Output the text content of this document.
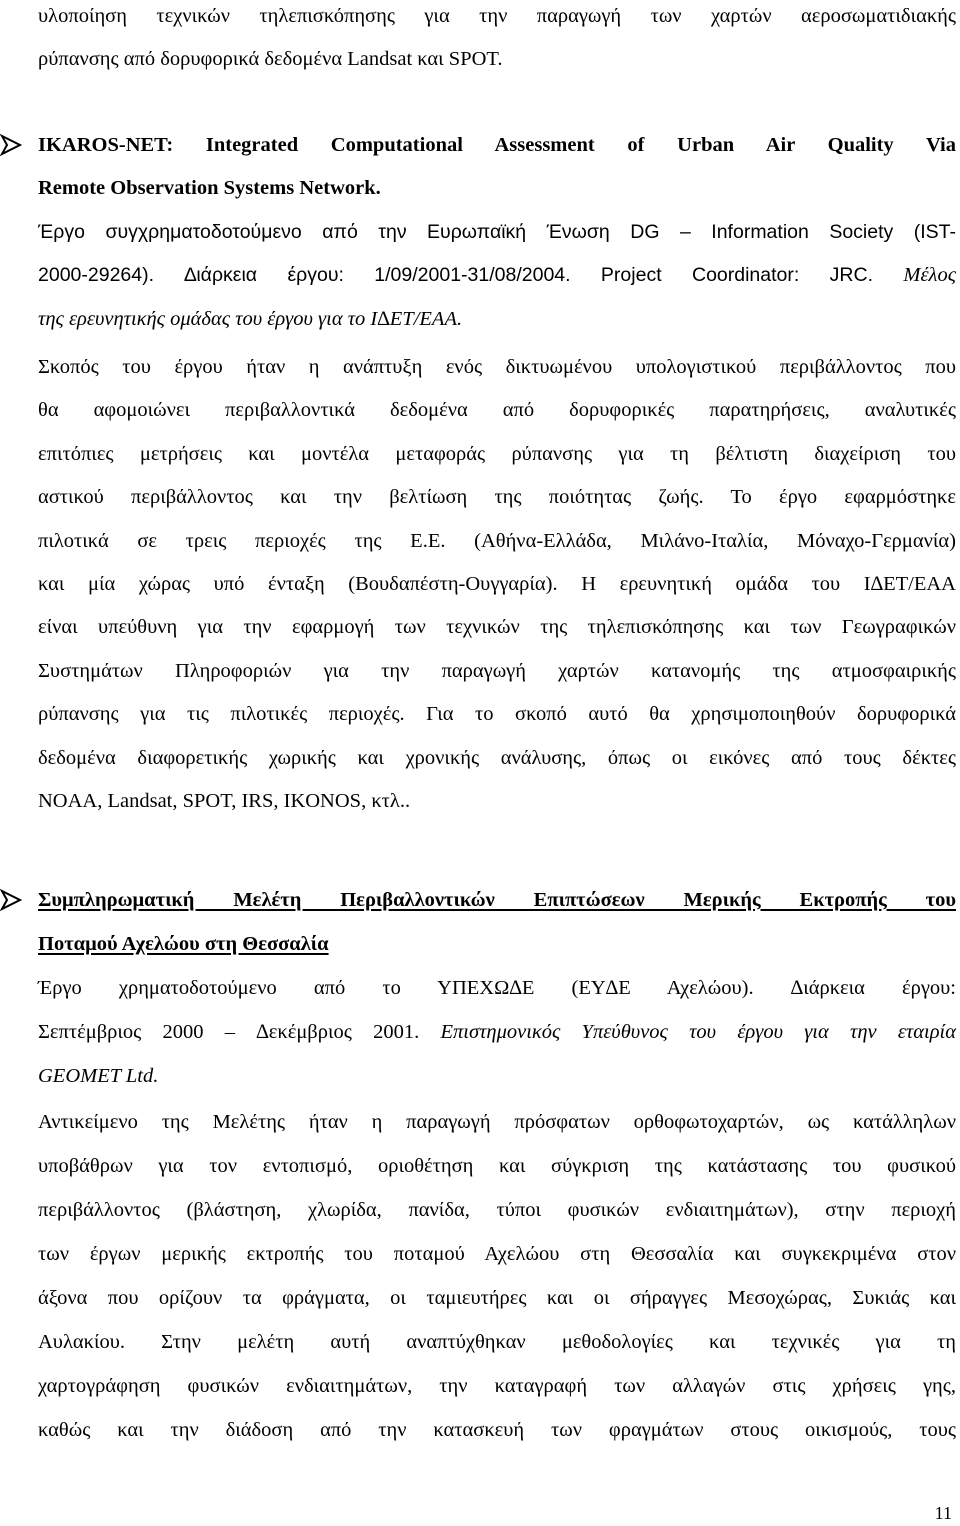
υλοποίηση τεχνικών τηλεπισκόπησης για την παραγωγή των χαρτών αεροσωματιδιακής
ρύπανσης από δορυφορικά δεδομένα Landsat και SPOT.
IKAROS-NET: Integrated Computational Assessment of Urban Air Quality Via
Remote Observation Systems Network.
Έργο συγχρηματοδοτούμενο από την Ευρωπαϊκή Ένωση DG – Information Society (IST-
2000-29264). ∆ιάρκεια έργου: 1/09/2001-31/08/2004. Project Coordinator: JRC. Μέλος
της ερευνητικής ομάδας του έργου για το Ι∆ΕΤ/ΕΑΑ.
Σκοπός του έργου ήταν η ανάπτυξη ενός δικτυωμένου υπολογιστικού περιβάλλοντος που
θα αφομοιώνει περιβαλλοντικά δεδομένα από δορυφορικές παρατηρήσεις, αναλυτικές
επιτόπιες μετρήσεις και μοντέλα μεταφοράς ρύπανσης για τη βέλτιστη διαχείριση του
αστικού περιβάλλοντος και την βελτίωση της ποιότητας ζωής. Το έργο εφαρμόστηκε
πιλοτικά σε τρεις περιοχές της Ε.Ε. (Αθήνα-Ελλάδα, Μιλάνο-Ιταλία, Μόναχο-Γερμανία)
και μία χώρας υπό ένταξη (Βουδαπέστη-Ουγγαρία). Η ερευνητική ομάδα του Ι∆ΕΤ/ΕΑΑ
είναι υπεύθυνη για την εφαρμογή των τεχνικών της τηλεπισκόπησης και των Γεωγραφικών
Συστημάτων Πληροφοριών για την παραγωγή χαρτών κατανομής της ατμοσφαιρικής
ρύπανσης για τις πιλοτικές περιοχές. Για το σκοπό αυτό θα χρησιμοποιηθούν δορυφορικά
δεδομένα διαφορετικής χωρικής και χρονικής ανάλυσης, όπως οι εικόνες από τους δέκτες
NOAA, Landsat, SPOT, IRS, IKONOS, κτλ..
Συμπληρωματική Μελέτη Περιβαλλοντικών Επιπτώσεων Μερικής Εκτροπής του
Ποταμού Αχελώου στη Θεσσαλία
Έργο χρηματοδοτούμενο από το ΥΠΕΧΩ∆Ε (ΕΥ∆Ε Αχελώου). ∆ιάρκεια έργου:
Σεπτέμβριος 2000 – ∆εκέμβριος 2001. Επιστημονικός Υπεύθυνος του έργου για την εταιρία
GEOMET Ltd.
Αντικείμενο της Μελέτης ήταν η παραγωγή πρόσφατων ορθοφωτοχαρτών, ως κατάλληλων
υποβάθρων για τον εντοπισμό, οριοθέτηση και σύγκριση της κατάστασης του φυσικού
περιβάλλοντος (βλάστηση, χλωρίδα, πανίδα, τύποι φυσικών ενδιαιτημάτων), στην περιοχή
των έργων μερικής εκτροπής του ποταμού Αχελώου στη Θεσσαλία και συγκεκριμένα στον
άξονα που ορίζουν τα φράγματα, οι ταμιευτήρες και οι σήραγγες Μεσοχώρας, Συκιάς και
Αυλακίου. Στην μελέτη αυτή αναπτύχθηκαν μεθοδολογίες και τεχνικές για τη
χαρτογράφηση φυσικών ενδιαιτημάτων, την καταγραφή των αλλαγών στις χρήσεις γης,
καθώς και την διάδοση από την κατασκευή των φραγμάτων στους οικισμούς, τους
11
